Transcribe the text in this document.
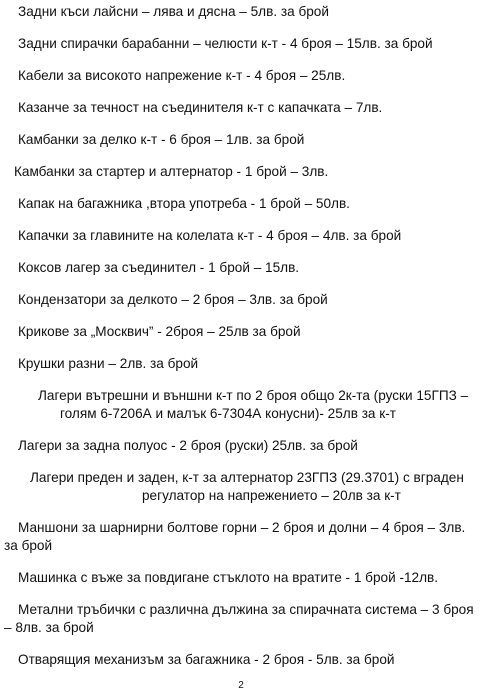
Задни къси лайсни – лява и дясна – 5лв. за брой
Задни спирачки барабанни – челюсти к-т - 4 броя – 15лв. за брой
Кабели за високото напрежение к-т - 4 броя – 25лв.
Казанче за течност на съединителя к-т с капачката – 7лв.
Камбанки за делко к-т - 6 броя – 1лв. за брой
Камбанки за стартер и алтернатор - 1 брой – 3лв.
Капак на багажника ,втора употреба - 1 брой – 50лв.
Капачки за главините на колелата к-т - 4 броя – 4лв. за брой
Коксов лагер за съединител - 1 брой – 15лв.
Кондензатори за делкото – 2 броя – 3лв. за брой
Крикове за „Москвич” - 2броя – 25лв за брой
Крушки разни – 2лв. за брой
Лагери вътрешни и външни к-т по 2 броя общо 2к-та (руски 15ГПЗ –
голям 6-7206А и малък 6-7304А конусни)- 25лв за к-т
Лагери за задна полуос - 2 броя (руски) 25лв. за брой
Лагери преден и заден, к-т за алтернатор 23ГПЗ (29.3701) с вграден
регулатор на напрежението – 20лв за к-т
Маншони за шарнирни болтове горни – 2 броя и долни – 4 броя – 3лв.
за брой
Машинка с въже за повдигане стъклото на вратите - 1 брой -12лв.
Метални тръбички с различна дължина за спирачната система – 3 броя
– 8лв. за брой
Отварящия механизъм за багажника - 2 броя - 5лв. за брой
2
